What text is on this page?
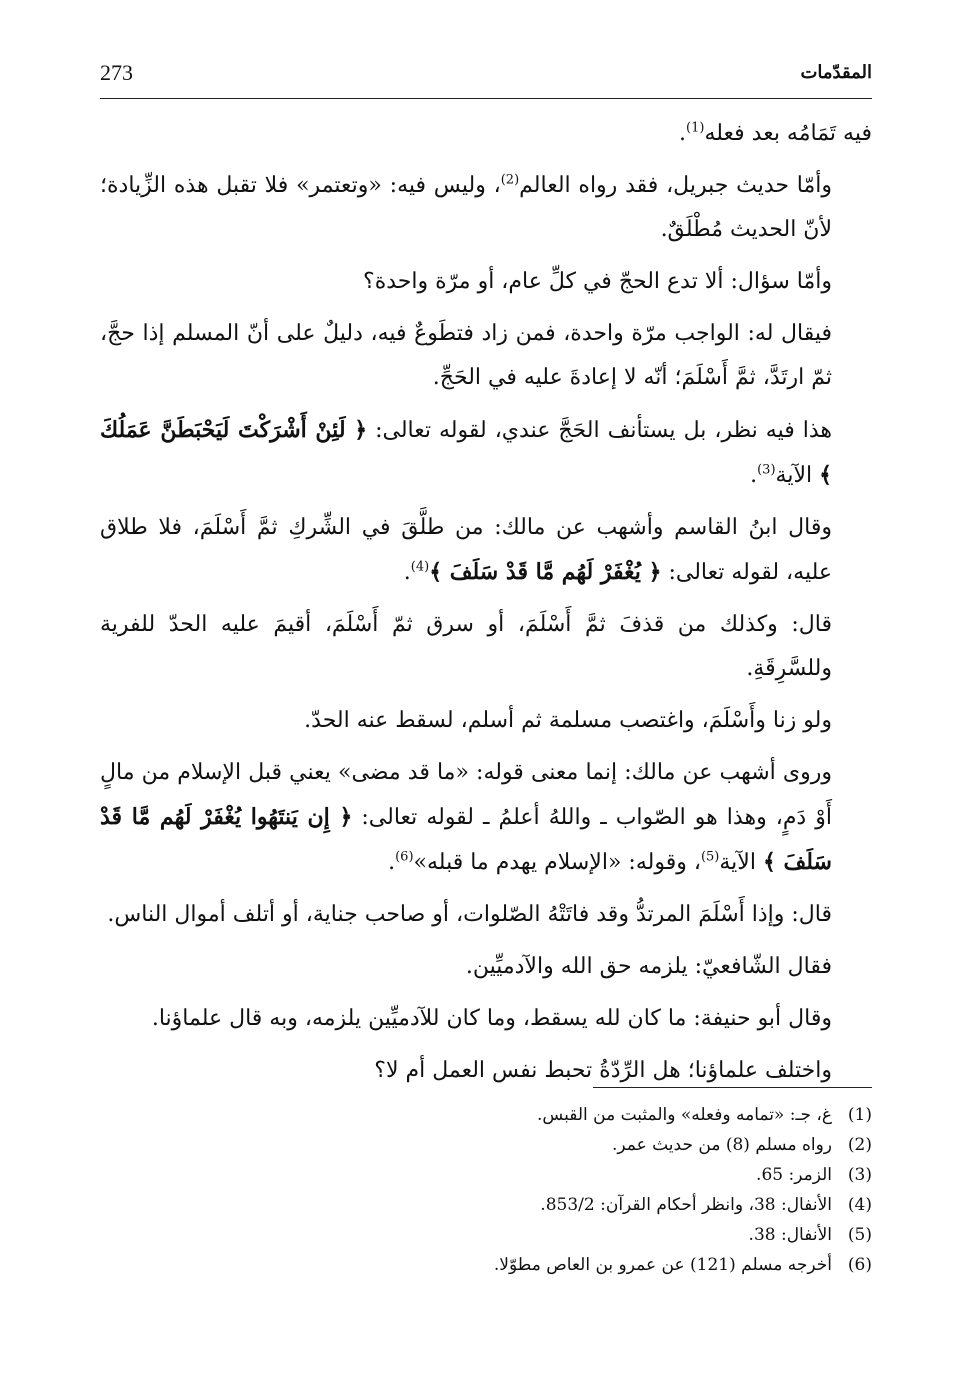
273	المقدّمات

فيه تَمَامُه بعد فعله$^{(1)}$.

وأمّا حديث جبريل، فقد رواه العالم$^{(2)}$، وليس فيه: «وتعتمر» فلا تقبل هذه الزِّيادة؛ لأنّ الحديث مُطْلَقٌ.

وأمّا سؤال: ألا تدع الحجّ في كلِّ عام، أو مرّة واحدة؟

فيقال له: الواجب مرّة واحدة، فمن زاد فتطَوعٌ فيه، دليلٌ على أنّ المسلم إذا حجَّ، ثمّ ارتَدَّ، ثمَّ أَسْلَمَ؛ أنّه لا إعادةَ عليه في الحَجِّ.

هذا فيه نظر، بل يستأنف الحَجَّ عندي، لقوله تعالى: ﴿ لَئِنْ أَشْرَكْتَ لَيَحْبَطَنَّ عَمَلُكَ ﴾ الآية$^{(3)}$.

وقال ابنُ القاسم وأشهب عن مالك: من طلَّقَ في الشِّركِ ثمَّ أَسْلَمَ، فلا طلاق عليه، لقوله تعالى: ﴿ يُغْفَرْ لَهُم مَّا قَدْ سَلَفَ ﴾$^{(4)}$.

قال: وكذلك من قذفَ ثمَّ أَسْلَمَ، أو سرق ثمّ أَسْلَمَ، أقيمَ عليه الحدّ للفرية وللسَّرِقَةِ.

ولو زنا وأَسْلَمَ، واغتصب مسلمة ثم أسلم، لسقط عنه الحدّ.

وروى أشهب عن مالك: إنما معنى قوله: «ما قد مضى» يعني قبل الإسلام من مالٍ أَوْ دَمٍ، وهذا هو الصّواب ـ واللهُ أعلمُ ـ لقوله تعالى: ﴿ إِن يَنتَهُوا يُغْفَرْ لَهُم مَّا قَدْ سَلَفَ ﴾ الآية$^{(5)}$، وقوله: «الإسلام يهدم ما قبله»$^{(6)}$.

قال: وإذا أَسْلَمَ المرتدُّ وقد فاتَتْهُ الصّلوات، أو صاحب جناية، أو أتلف أموال الناس.

فقال الشّافعيّ: يلزمه حق الله والآدميِّين.

وقال أبو حنيفة: ما كان لله يسقط، وما كان للآدميِّين يلزمه، وبه قال علماؤنا.

واختلف علماؤنا؛ هل الرِّدّةُ تحبط نفس العمل أم لا؟

(1)غ، جـ: «تمامه وفعله» والمثبت من القبس.
(2)رواه مسلم (8) من حديث عمر.
(3)الزمر: 65.
(4)الأنفال: 38، وانظر أحكام القرآن: 853/2.
(5)الأنفال: 38.
(6)أخرجه مسلم (121) عن عمرو بن العاص مطوّلا.
